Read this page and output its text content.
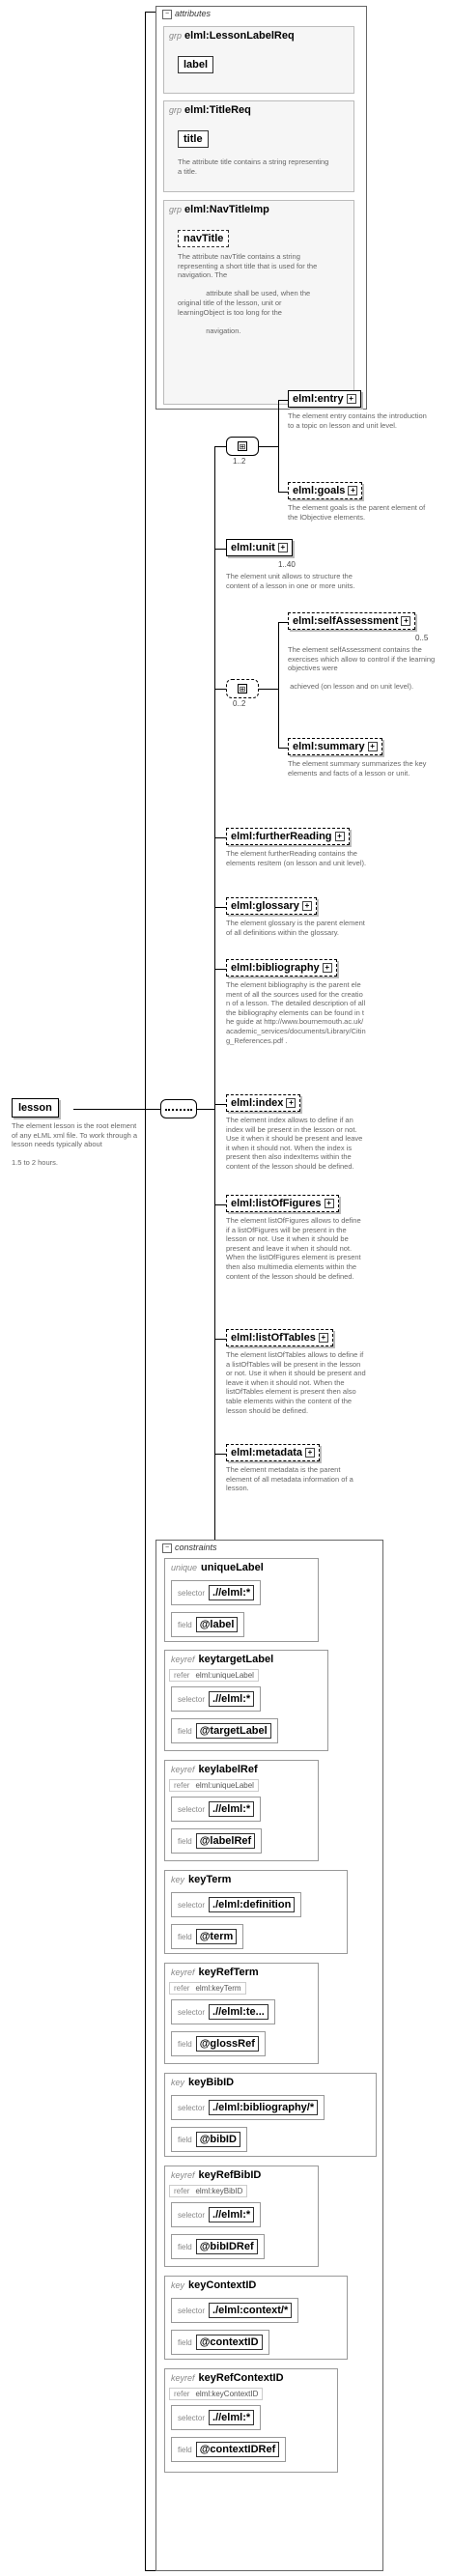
− attributes
grp elml:LessonLabelReq
label
grp elml:TitleReq
title
The attribute title contains a string representing a title.
grp elml:NavTitleImp
navTitle
The attribute navTitle contains a string representing a short title that is used for the navigation. The

attribute shall be used, when the original title of the lesson, unit or learningObject is too long for the

navigation.
lesson
The element lesson is the root element of any eLML xml file. To work through a lesson needs typically about

1.5 to 2 hours.
⊞
1..2
elml:entry +
The element entry contains the introduction to a topic on lesson and unit level.
elml:goals +
The element goals is the parent element of the lObjective elements.
elml:unit +
1..40
The element unit allows to structure the content of a lesson in one or more units.
⊞
0..2
elml:selfAssessment +
0..5
The element selfAssessment contains the exercises which allow to control if the learning objectives were

achieved (on lesson and on unit level).
elml:summary +
The element summary summarizes the key elements and facts of a lesson or unit.
elml:furtherReading +
The element furtherReading contains the elements resItem (on lesson and unit level).
elml:glossary +
The element glossary is the parent element of all definitions within the glossary.
elml:bibliography +
The element bibliography is the parent element of all the sources used for the creation of a lesson. The detailed description of all the bibliography elements can be found in the guide at http://www.bournemouth.ac.uk/academic_services/documents/Library/Citing_References.pdf .
elml:index +
The element index allows to define if an index will be present in the lesson or not. Use it when it should be present and leave it when it should not. When the index is present then also indexItems within the content of the lesson should be defined.
elml:listOfFigures +
The element listOfFigures allows to define if a listOfFigures will be present in the lesson or not. Use it when it should be present and leave it when it should not. When the listOfFigures element is present then also multimedia elements within the content of the lesson should be defined.
elml:listOfTables +
The element listOfTables allows to define if a listOfTables will be present in the lesson or not. Use it when it should be present and leave it when it should not. When the listOfTables element is present then also table elements within the content of the lesson should be defined.
elml:metadata +
The element metadata is the parent element of all metadata information of a lesson.
− constraints
unique uniqueLabel
selector .//elml:*
field @label
keyref keytargetLabel
refer elml:uniqueLabel
selector .//elml:*
field @targetLabel
keyref keylabelRef
refer elml:uniqueLabel
selector .//elml:*
field @labelRef
key keyTerm
selector ./elml:definition
field @term
keyref keyRefTerm
refer elml:keyTerm
selector .//elml:te...
field @glossRef
key keyBibID
selector ./elml:bibliography/*
field @bibID
keyref keyRefBibID
refer elml:keyBibID
selector .//elml:*
field @bibIDRef
key keyContextID
selector ./elml:context/*
field @contextID
keyref keyRefContextID
refer elml:keyContextID
selector .//elml:*
field @contextIDRef
